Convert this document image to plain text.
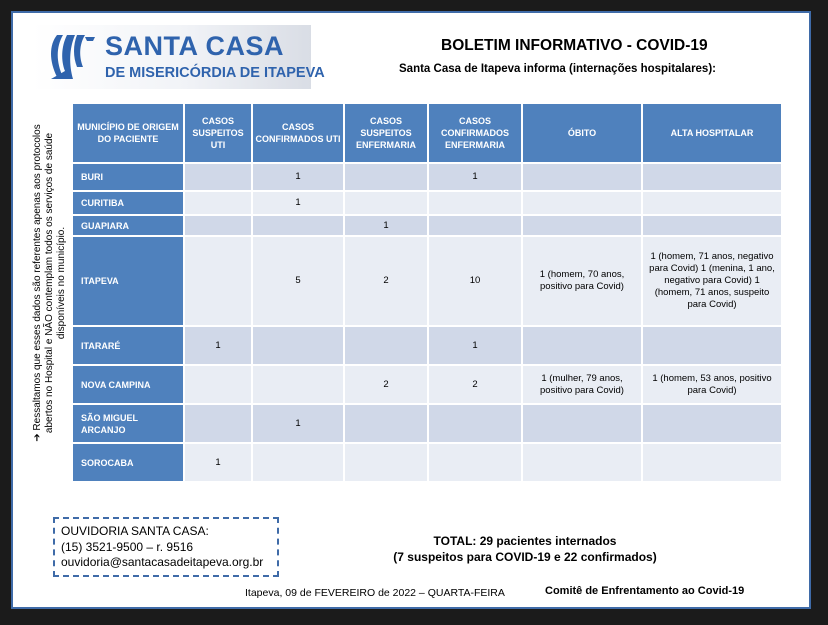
SANTA CASA
DE MISERICÓRDIA DE ITAPEVA
BOLETIM INFORMATIVO - COVID-19
Santa Casa de Itapeva informa (internações hospitalares):
➔ Ressaltamos que esses dados são referentes apenas aos protocolos abertos no Hospital e NÃO contemplam todos os serviços de saúde disponíveis no município.
MUNICÍPIO DE ORIGEM DO PACIENTE	CASOS SUSPEITOS UTI	CASOS CONFIRMADOS UTI	CASOS SUSPEITOS ENFERMARIA	CASOS CONFIRMADOS ENFERMARIA	ÓBITO	ALTA HOSPITALAR
BURI		1		1		
CURITIBA		1				
GUAPIARA			1			
ITAPEVA		5	2	10	1 (homem, 70 anos, positivo para Covid)	1 (homem, 71 anos, negativo para Covid) 1 (menina, 1 ano, negativo para Covid) 1 (homem, 71 anos, suspeito para Covid)
ITARARÉ	1			1		
NOVA CAMPINA			2	2	1 (mulher, 79 anos, positivo para Covid)	1 (homem, 53 anos, positivo para Covid)
SÃO MIGUEL ARCANJO		1				
SOROCABA	1					
OUVIDORIA SANTA CASA:
(15) 3521-9500 – r. 9516
ouvidoria@santacasadeitapeva.org.br
TOTAL: 29 pacientes internados
(7 suspeitos para COVID-19 e 22 confirmados)
Itapeva, 09 de FEVEREIRO de 2022 – QUARTA-FEIRA	Comitê de Enfrentamento ao Covid-19
